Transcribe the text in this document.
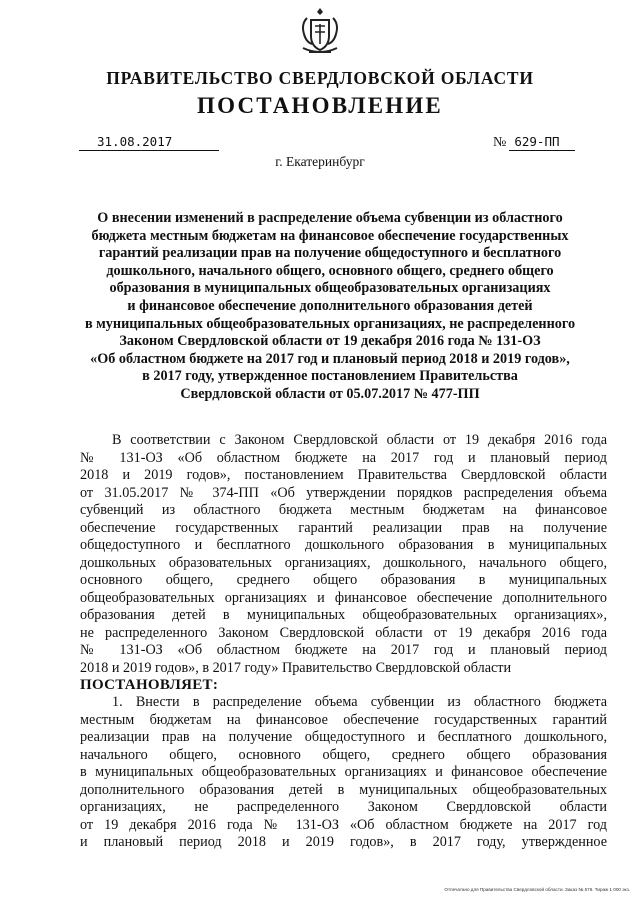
ПРАВИТЕЛЬСТВО СВЕРДЛОВСКОЙ ОБЛАСТИ
ПОСТАНОВЛЕНИЕ
31.08.2017	№ 629-ПП
г. Екатеринбург
О внесении изменений в распределение объема субвенции из областного
бюджета местным бюджетам на финансовое обеспечение государственных
гарантий реализации прав на получение общедоступного и бесплатного
дошкольного, начального общего, основного общего, среднего общего
образования в муниципальных общеобразовательных организациях
и финансовое обеспечение дополнительного образования детей
в муниципальных общеобразовательных организациях, не распределенного
Законом Свердловской области от 19 декабря 2016 года № 131-ОЗ
«Об областном бюджете на 2017 год и плановый период 2018 и 2019 годов»,
в 2017 году, утвержденное постановлением Правительства
Свердловской области от 05.07.2017 № 477-ПП
В соответствии с Законом Свердловской области от 19 декабря 2016 года
№ 131-ОЗ «Об областном бюджете на 2017 год и плановый период
2018 и 2019 годов», постановлением Правительства Свердловской области
от 31.05.2017 № 374-ПП «Об утверждении порядков распределения объема
субвенций из областного бюджета местным бюджетам на финансовое
обеспечение государственных гарантий реализации прав на получение
общедоступного и бесплатного дошкольного образования в муниципальных
дошкольных образовательных организациях, дошкольного, начального общего,
основного общего, среднего общего образования в муниципальных
общеобразовательных организациях и финансовое обеспечение дополнительного
образования детей в муниципальных общеобразовательных организациях»,
не распределенного Законом Свердловской области от 19 декабря 2016 года
№ 131-ОЗ «Об областном бюджете на 2017 год и плановый период
2018 и 2019 годов», в 2017 году» Правительство Свердловской области
ПОСТАНОВЛЯЕТ:
1. Внести в распределение объема субвенции из областного бюджета
местным бюджетам на финансовое обеспечение государственных гарантий
реализации прав на получение общедоступного и бесплатного дошкольного,
начального общего, основного общего, среднего общего образования
в муниципальных общеобразовательных организациях и финансовое обеспечение
дополнительного образования детей в муниципальных общеобразовательных
организациях, не распределенного Законом Свердловской области
от 19 декабря 2016 года № 131-ОЗ «Об областном бюджете на 2017 год
и плановый период 2018 и 2019 годов», в 2017 году, утвержденное
Отпечатано для Правительства Свердловской области. Заказ № 576. Тираж 1 000 экз.
